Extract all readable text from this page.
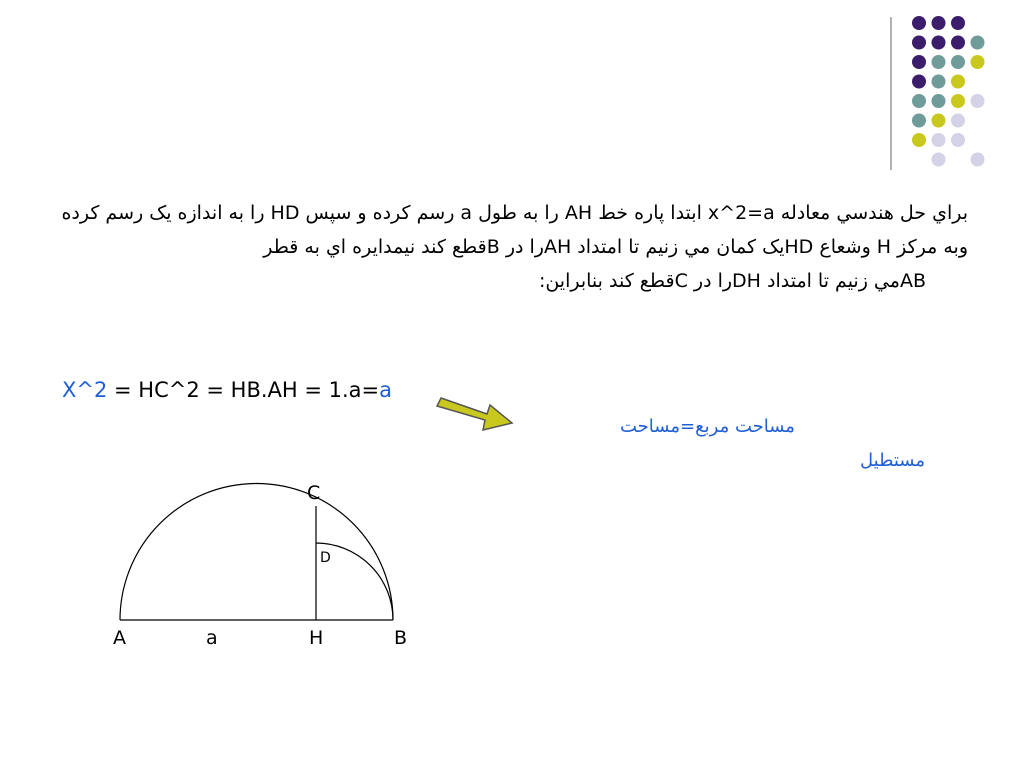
براي حل هندسي معادله x^2=a ابتدا پاره خط AH را به طول a رسم كرده و سپس HD را به اندازه يک رسم كرده وبه مركز H وشعاع HDيک كمان مي زنيم تا امتداد AHرا در Bقطع كند نيمدايره اي به قطر

ABمي زنيم تا امتداد DHرا در Cقطع كند بنابراين:

X^2 = HC^2 = HB.AH = 1.a=a
مساحت مربع=مساحت
مستطيل
A	a	H	B
C
D
